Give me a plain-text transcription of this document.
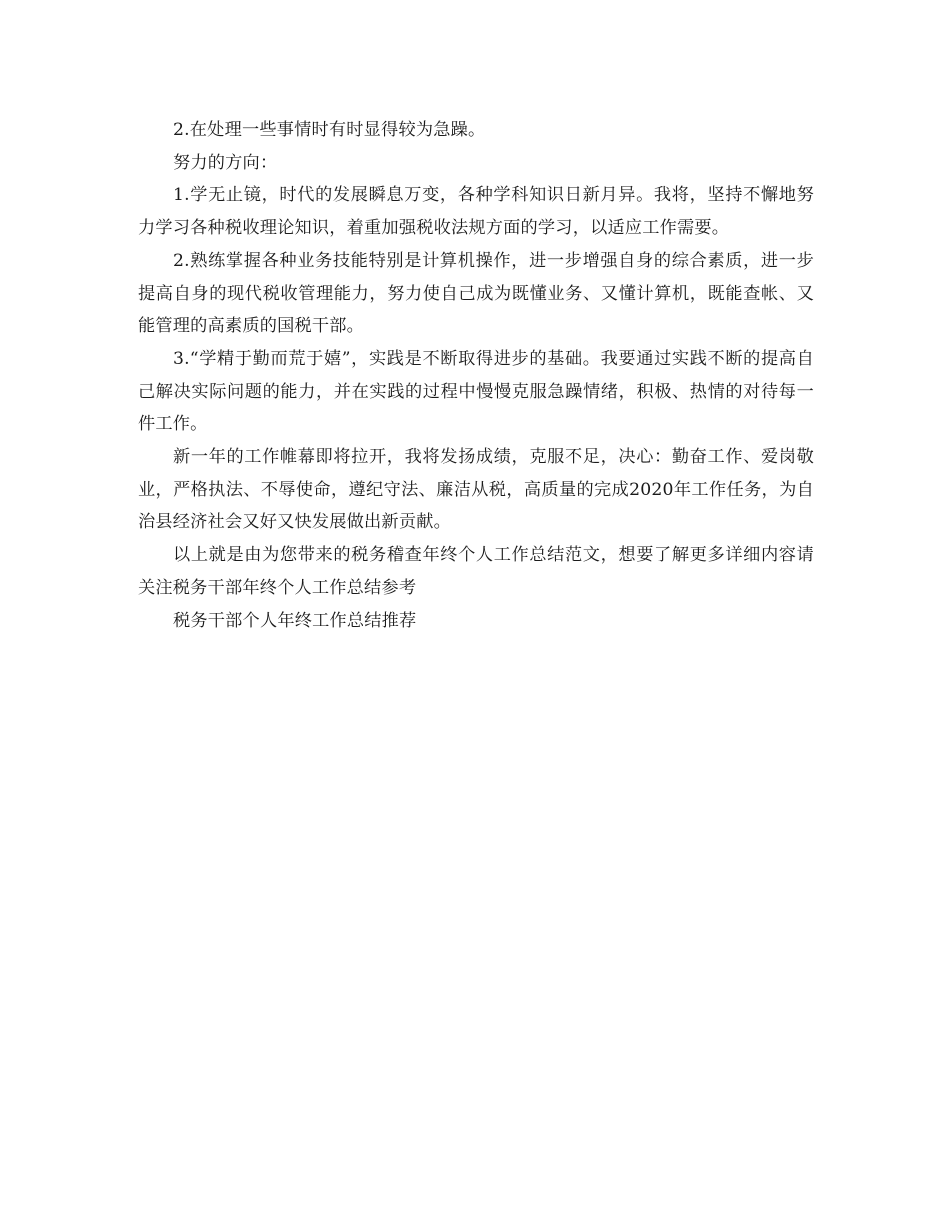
2.在处理一些事情时有时显得较为急躁。

努力的方向：

1.学无止镜，时代的发展瞬息万变，各种学科知识日新月异。我将，坚持不懈地努力学习各种税收理论知识，着重加强税收法规方面的学习，以适应工作需要。

2.熟练掌握各种业务技能特别是计算机操作，进一步增强自身的综合素质，进一步提高自身的现代税收管理能力，努力使自己成为既懂业务、又懂计算机，既能查帐、又能管理的高素质的国税干部。

3.“学精于勤而荒于嬉”，实践是不断取得进步的基础。我要通过实践不断的提高自己解决实际问题的能力，并在实践的过程中慢慢克服急躁情绪，积极、热情的对待每一件工作。

新一年的工作帷幕即将拉开，我将发扬成绩，克服不足，决心：勤奋工作、爱岗敬业，严格执法、不辱使命，遵纪守法、廉洁从税，高质量的完成2020年工作任务，为自治县经济社会又好又快发展做出新贡献。

以上就是由为您带来的税务稽查年终个人工作总结范文，想要了解更多详细内容请关注税务干部年终个人工作总结参考

税务干部个人年终工作总结推荐
